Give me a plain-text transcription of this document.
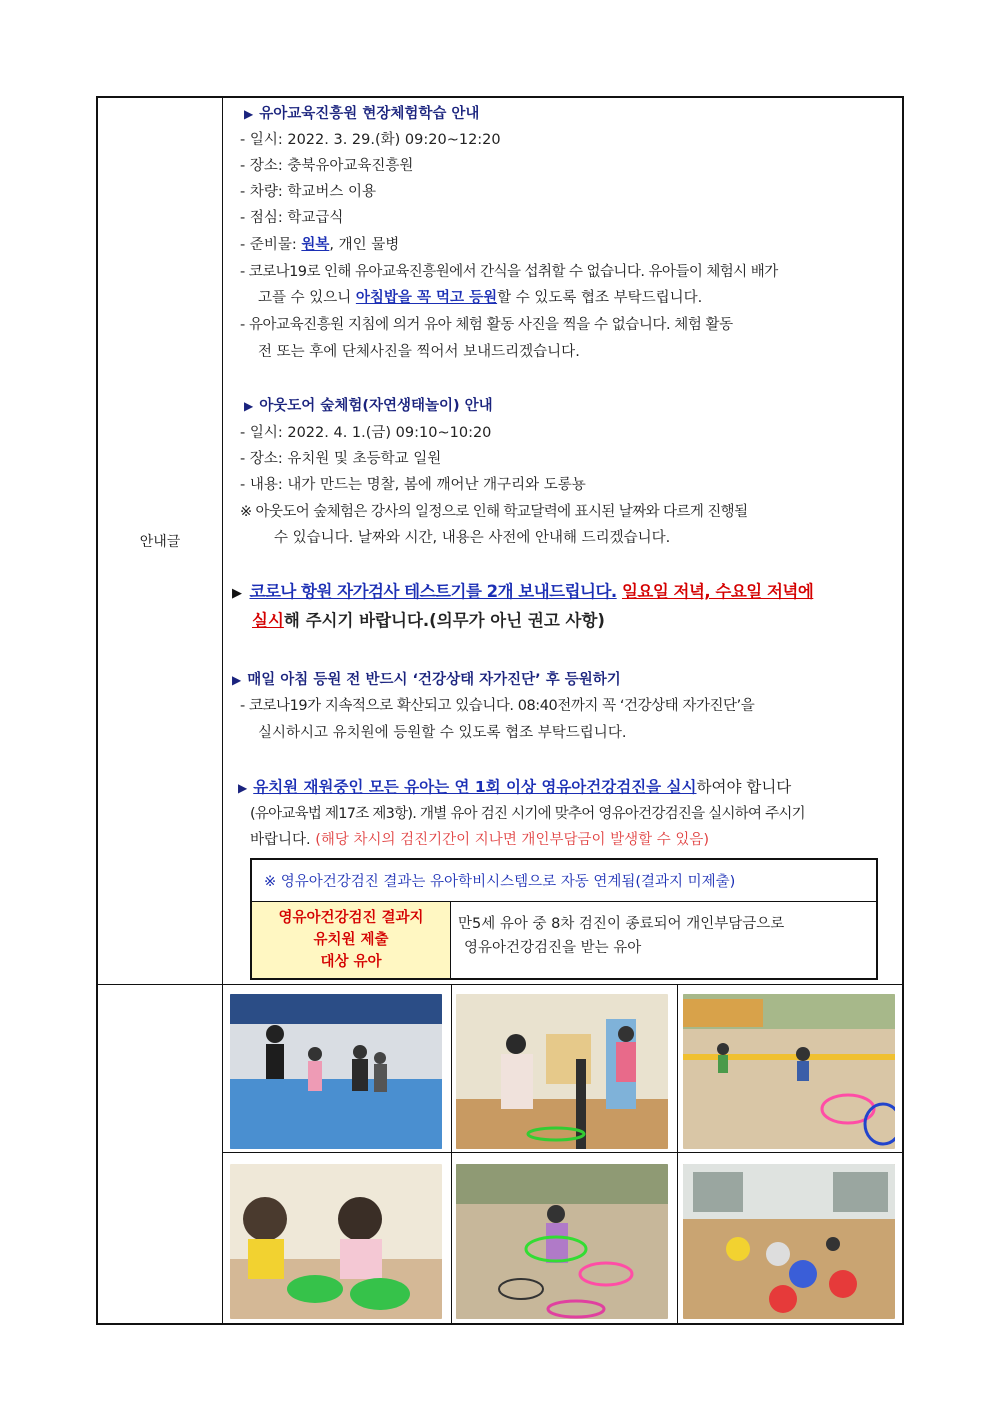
안내글
▶ 유아교육진흥원 현장체험학습 안내
- 일시: 2022. 3. 29.(화) 09:20~12:20
- 장소: 충북유아교육진흥원
- 차량: 학교버스 이용
- 점심: 학교급식
- 준비물: 원복, 개인 물병
- 코로나19로 인해 유아교육진흥원에서 간식을 섭취할 수 없습니다. 유아들이 체험시 배가
고플 수 있으니 아침밥을 꼭 먹고 등원할 수 있도록 협조 부탁드립니다.
- 유아교육진흥원 지침에 의거 유아 체험 활동 사진을 찍을 수 없습니다. 체험 활동
전 또는 후에 단체사진을 찍어서 보내드리겠습니다.
▶ 아웃도어 숲체험(자연생태놀이) 안내
- 일시: 2022. 4. 1.(금) 09:10~10:20
- 장소: 유치원 및 초등학교 일원
- 내용: 내가 만드는 명찰, 봄에 깨어난 개구리와 도롱뇽
※ 아웃도어 숲체험은 강사의 일정으로 인해 학교달력에 표시된 날짜와 다르게 진행될
수 있습니다. 날짜와 시간, 내용은 사전에 안내해 드리겠습니다.
▶ 코로나 항원 자가검사 테스트기를 2개 보내드립니다. 일요일 저녁, 수요일 저녁에
실시해 주시기 바랍니다.(의무가 아닌 권고 사항)
▶ 매일 아침 등원 전 반드시 ‘건강상태 자가진단’ 후 등원하기
- 코로나19가 지속적으로 확산되고 있습니다. 08:40전까지 꼭 ‘건강상태 자가진단’을
실시하시고 유치원에 등원할 수 있도록 협조 부탁드립니다.
▶ 유치원 재원중인 모든 유아는 연 1회 이상 영유아건강검진을 실시하여야 합니다
(유아교육법 제17조 제3항). 개별 유아 검진 시기에 맞추어 영유아건강검진을 실시하여 주시기
바랍니다. (해당 차시의 검진기간이 지나면 개인부담금이 발생할 수 있음)
※ 영유아건강검진 결과는 유아학비시스템으로 자동 연계됨(결과지 미제출)
영유아건강검진 결과지
유치원 제출
대상 유아
만5세 유아 중 8차 검진이 종료되어 개인부담금으로
영유아건강검진을 받는 유아
